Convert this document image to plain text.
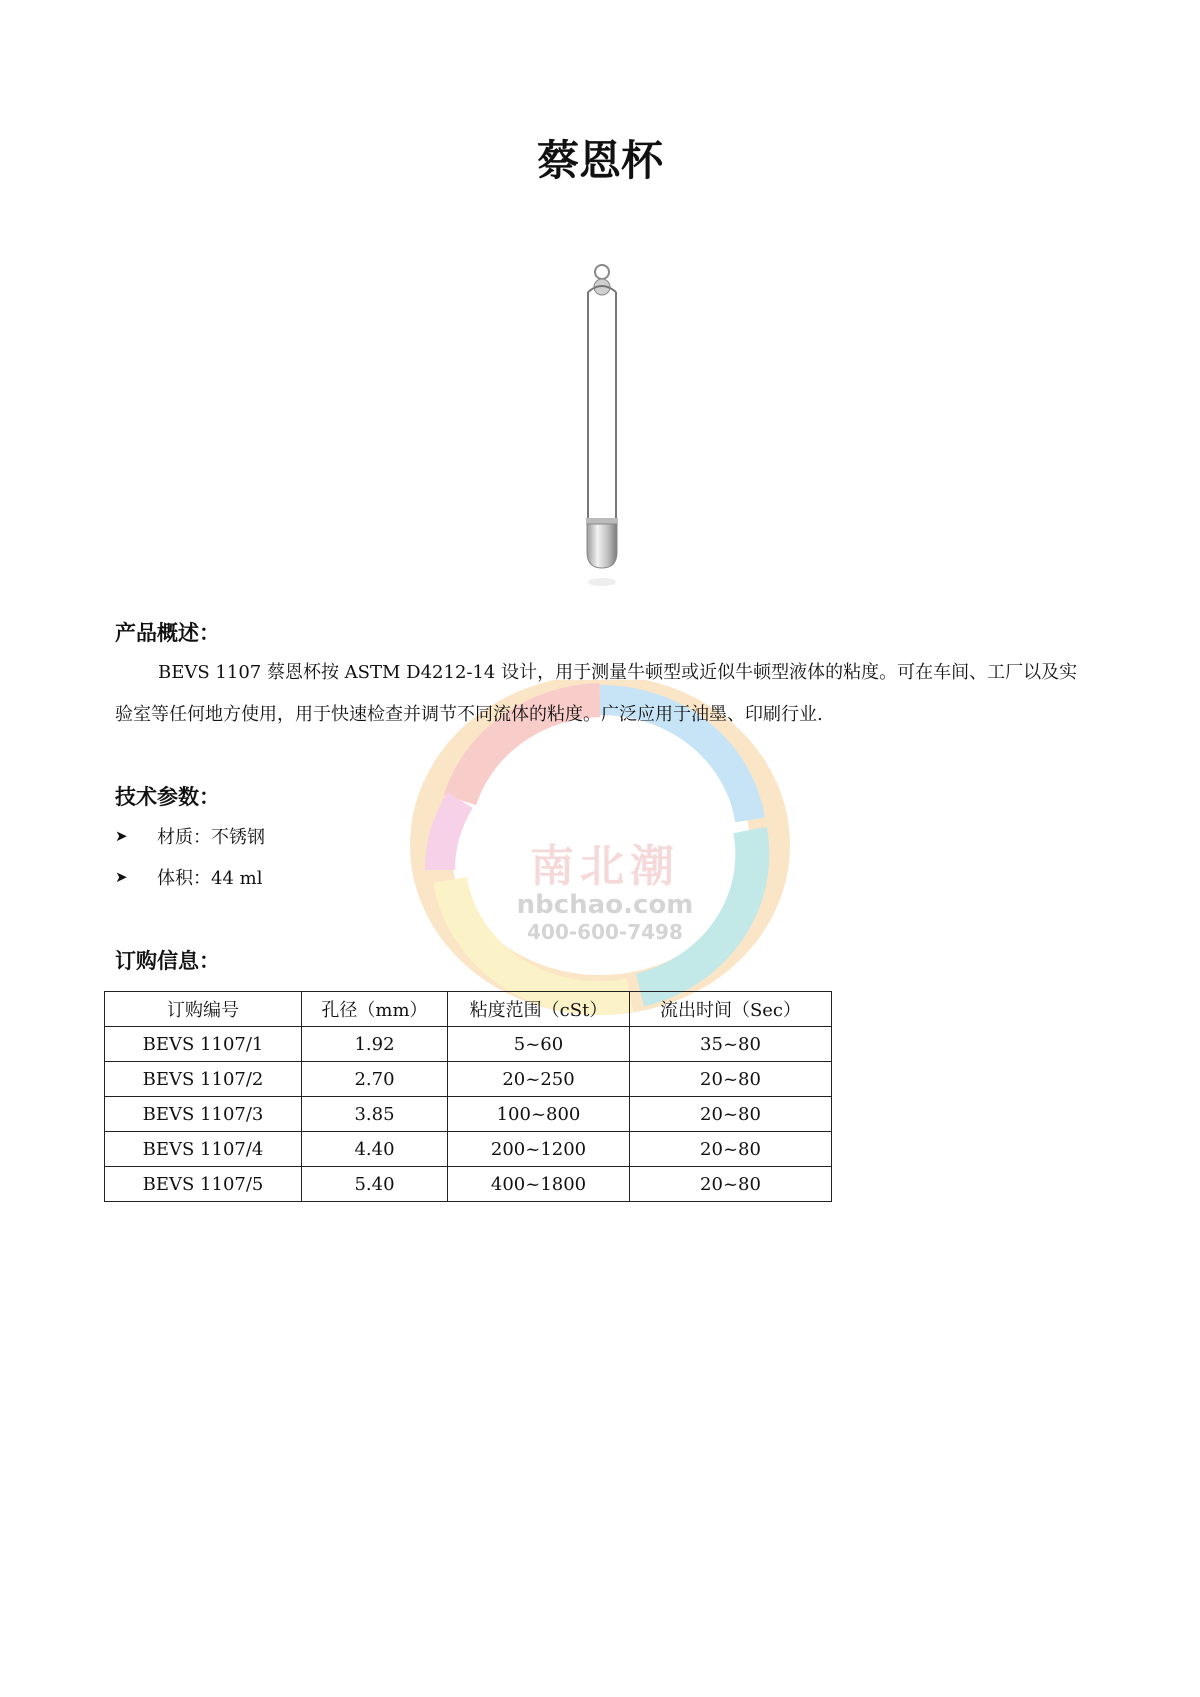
南北潮
nbchao.com
400-600-7498
蔡恩杯
产品概述：

BEVS 1107 蔡恩杯按 ASTM D4212-14 设计，用于测量牛顿型或近似牛顿型液体的粘度。可在车间、工厂以及实验室等任何地方使用，用于快速检查并调节不同流体的粘度。广泛应用于油墨、印刷行业.

技术参数：
➤	材质：不锈钢
➤	体积：44 ml
订购信息：
订购编号	孔径（mm）	粘度范围（cSt）	流出时间（Sec）
BEVS 1107/1	1.92	5~60	35~80
BEVS 1107/2	2.70	20~250	20~80
BEVS 1107/3	3.85	100~800	20~80
BEVS 1107/4	4.40	200~1200	20~80
BEVS 1107/5	5.40	400~1800	20~80
